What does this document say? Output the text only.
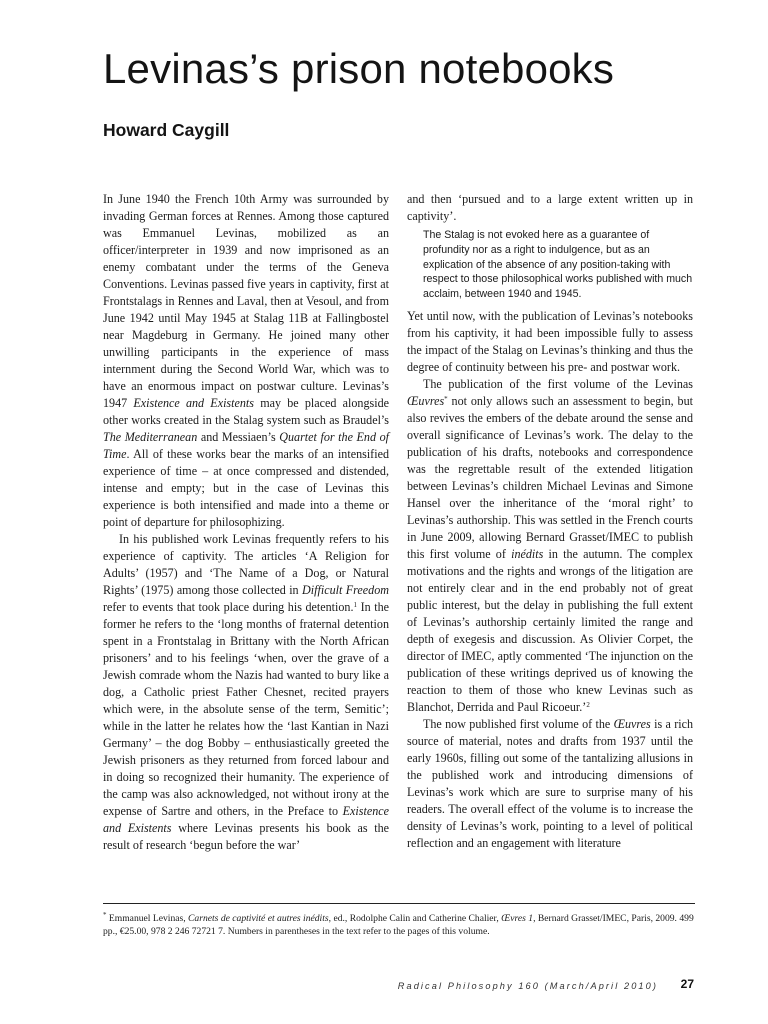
Levinas’s prison notebooks
Howard Caygill

In June 1940 the French 10th Army was surrounded by invading German forces at Rennes. Among those captured was Emmanuel Levinas, mobilized as an officer/interpreter in 1939 and now imprisoned as an enemy combatant under the terms of the Geneva Conventions. Levinas passed five years in captivity, first at Frontstalags in Rennes and Laval, then at Vesoul, and from June 1942 until May 1945 at Stalag 11B at Fallingbostel near Magdeburg in Germany. He joined many other unwilling participants in the experience of mass internment during the Second World War, which was to have an enormous impact on postwar culture. Levinas’s 1947 Existence and Existents may be placed alongside other works created in the Stalag system such as Braudel’s The Mediterranean and Messiaen’s Quartet for the End of Time. All of these works bear the marks of an intensified experience of time – at once compressed and distended, intense and empty; but in the case of Levinas this experience is both intensified and made into a theme or point of departure for philosophizing.

In his published work Levinas frequently refers to his experience of captivity. The articles ‘A Religion for Adults’ (1957) and ‘The Name of a Dog, or Natural Rights’ (1975) among those collected in Difficult Freedom refer to events that took place during his detention.$^1$ In the former he refers to the ‘long months of fraternal detention spent in a Frontstalag in Brittany with the North African prisoners’ and to his feelings ‘when, over the grave of a Jewish comrade whom the Nazis had wanted to bury like a dog, a Catholic priest Father Chesnet, recited prayers which were, in the absolute sense of the term, Semitic’; while in the latter he relates how the ‘last Kantian in Nazi Germany’ – the dog Bobby – enthusiastically greeted the Jewish prisoners as they returned from forced labour and in doing so recognized their humanity. The experience of the camp was also acknowledged, not without irony at the expense of Sartre and others, in the Preface to Existence and Existents where Levinas presents his book as the result of research ‘begun before the war’

and then ‘pursued and to a large extent written up in captivity’.

The Stalag is not evoked here as a guarantee of profundity nor as a right to indulgence, but as an explication of the absence of any position-taking with respect to those philosophical works published with much acclaim, between 1940 and 1945.

Yet until now, with the publication of Levinas’s notebooks from his captivity, it had been impossible fully to assess the impact of the Stalag on Levinas’s thinking and thus the degree of continuity between his pre- and postwar work.

The publication of the first volume of the Levinas Œuvres* not only allows such an assessment to begin, but also revives the embers of the debate around the sense and overall significance of Levinas’s work. The delay to the publication of his drafts, notebooks and correspondence was the regrettable result of the extended litigation between Levinas’s children Michael Levinas and Simone Hansel over the inheritance of the ‘moral right’ to Levinas’s authorship. This was settled in the French courts in June 2009, allowing Bernard Grasset/IMEC to publish this first volume of inédits in the autumn. The complex motivations and the rights and wrongs of the litigation are not entirely clear and in the end probably not of great public interest, but the delay in publishing the full extent of Levinas’s authorship certainly limited the range and depth of exegesis and discussion. As Olivier Corpet, the director of IMEC, aptly commented ‘The injunction on the publication of these writings deprived us of knowing the reaction to them of those who knew Levinas such as Blanchot, Derrida and Paul Ricoeur.’$^2$

The now published first volume of the Œuvres is a rich source of material, notes and drafts from 1937 until the early 1960s, filling out some of the tantalizing allusions in the published work and introducing dimensions of Levinas’s work which are sure to surprise many of his readers. The overall effect of the volume is to increase the density of Levinas’s work, pointing to a level of political reflection and an engagement with literature

* Emmanuel Levinas, Carnets de captivité et autres inédits, ed., Rodolphe Calin and Catherine Chalier, Œvres 1, Bernard Grasset/IMEC, Paris, 2009. 499 pp., €25.00, 978 2 246 72721 7. Numbers in parentheses in the text refer to the pages of this volume.

Radical Philosophy 160 (March/April 2010) 27
